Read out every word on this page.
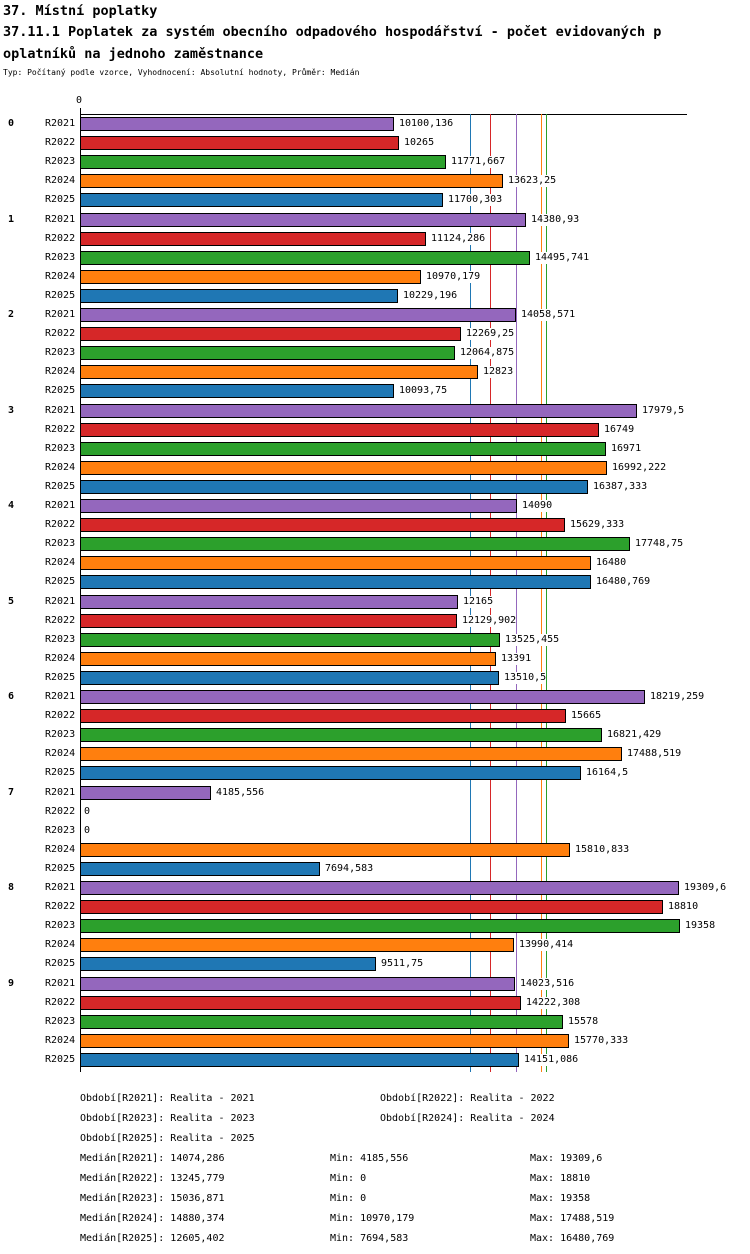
37. Místní poplatky
37.11.1 Poplatek za systém obecního odpadového hospodářství - počet evidovaných p
oplatníků na jednoho zaměstnance
Typ: Počítaný podle vzorce, Vyhodnocení: Absolutní hodnoty, Průměr: Medián
0
0	R2021	10100,136
R2022	10265
R2023	11771,667
R2024	13623,25
R2025	11700,303
1	R2021	14380,93
R2022	11124,286
R2023	14495,741
R2024	10970,179
R2025	10229,196
2	R2021	14058,571
R2022	12269,25
R2023	12064,875
R2024	12823
R2025	10093,75
3	R2021	17979,5
R2022	16749
R2023	16971
R2024	16992,222
R2025	16387,333
4	R2021	14090
R2022	15629,333
R2023	17748,75
R2024	16480
R2025	16480,769
5	R2021	12165
R2022	12129,902
R2023	13525,455
R2024	13391
R2025	13510,5
6	R2021	18219,259
R2022	15665
R2023	16821,429
R2024	17488,519
R2025	16164,5
7	R2021	4185,556
R2022 0
R2023 0
R2024	15810,833
R2025	7694,583
8	R2021	19309,6
R2022	18810
R2023	19358
R2024	13990,414
R2025	9511,75
9	R2021	14023,516
R2022	14222,308
R2023	15578
R2024	15770,333
R2025	14151,086
Období[R2021]: Realita - 2021	Období[R2022]: Realita - 2022
Období[R2023]: Realita - 2023	Období[R2024]: Realita - 2024
Období[R2025]: Realita - 2025
Medián[R2021]: 14074,286	Min: 4185,556	Max: 19309,6
Medián[R2022]: 13245,779	Min: 0	Max: 18810
Medián[R2023]: 15036,871	Min: 0	Max: 19358
Medián[R2024]: 14880,374	Min: 10970,179	Max: 17488,519
Medián[R2025]: 12605,402	Min: 7694,583	Max: 16480,769
